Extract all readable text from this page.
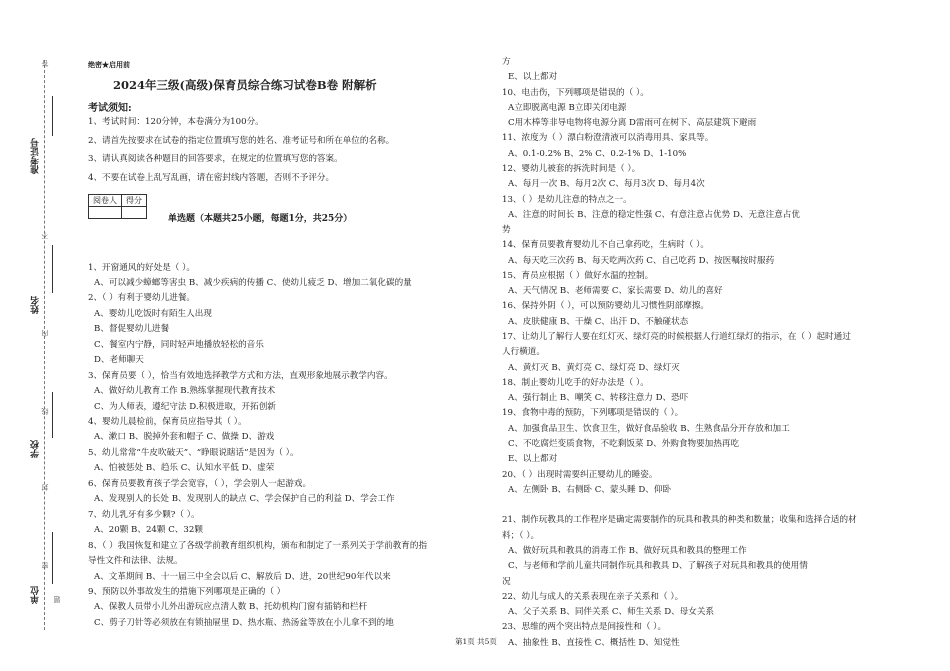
答
不
内
线
封
密
准考证号
姓名
学校
单位 题
绝密★启用前
2024年三级(高级)保育员综合练习试卷B卷 附解析
考试须知:
1、考试时间：120分钟，本卷满分为100分。
2、请首先按要求在试卷的指定位置填写您的姓名、准考证号和所在单位的名称。
3、请认真阅读各种题目的回答要求，在规定的位置填写您的答案。
4、不要在试卷上乱写乱画，请在密封线内答题，否则不予评分。
阅卷人	得分

单选题（本题共25小题，每题1分，共25分）
1、开窗通风的好处是（ ）。
A、可以减少蟑螂等害虫 B、减少疾病的传播 C、使幼儿疲乏 D、增加二氧化碳的量
2、（ ）有利于婴幼儿进餐。
A、婴幼儿吃饭时有陌生人出现
B、督促婴幼儿进餐
C、餐室内宁静，同时轻声地播放轻松的音乐
D、老师聊天
3、保育员要（ ），恰当有效地选择教学方式和方法，直观形象地展示教学内容。
A、做好幼儿教育工作 B.熟练掌握现代教育技术
C、为人师表，遵纪守法 D.积极进取，开拓创新
4、婴幼儿晨检前，保育员应指导其（ ）。
A、漱口 B、脱掉外套和帽子 C、做操 D、游戏
5、幼儿常常“牛皮吹破天”、“睁眼说瞎话”是因为（ ）。
A、怕被惩处 B、趋乐 C、认知水平低 D、虚荣
6、保育员要教育孩子学会宽容，（ ），学会别人一起游戏。
A、发现别人的长处 B、发现别人的缺点 C、学会保护自己的利益 D、学会工作
7、幼儿乳牙有多少颗?（ ）。
A、20颗 B、24颗 C、32颗
8、（ ）我国恢复和建立了各级学前教育组织机构，颁布和制定了一系列关于学前教育的指
导性文件和法律、法规。
A、文革期间 B、十一届三中全会以后 C、解放后 D、进，20世纪90年代以来
9、预防以外事故发生的措施下列哪项是正确的（ ）
A、保教人员带小儿外出游玩应点清人数 B、托幼机构门窗有插销和栏杆
C、剪子刀针等必须放在有锁抽屉里 D、热水瓶、热汤盆等放在小儿拿不到的地
方
E、以上都对
10、电击伤，下列哪项是错误的（ ）。
A立即脱离电源 B立即关闭电源
C用木棒等非导电物将电源分离 D雷雨可在树下、高层建筑下避雨
11、浓度为（ ）漂白粉澄清液可以消毒用具、家具等。
A、0.1-0.2% B、2% C、0.2-1% D、1-10%
12、婴幼儿被套的拆洗时间是（ ）。
A、每月一次 B、每月2次 C、每月3次 D、每月4次
13、（ ）是幼儿注意的特点之一。
A、注意的时间长 B、注意的稳定性强 C、有意注意占优势 D、无意注意占优
势
14、保育员要教育婴幼儿不自己拿药吃，生病时（ ）。
A、每天吃三次药 B、每天吃两次药 C、自己吃药 D、按医嘱按时服药
15、育员应根据（ ）做好水温的控制。
A、天气情况 B、老师需要 C、家长需要 D、幼儿的喜好
16、保持外阴（ ），可以预防婴幼儿习惯性阴部摩擦。
A、皮肤健康 B、干燥 C、出汗 D、不触碰状态
17、让幼儿了解行人要在红灯灭、绿灯亮的时候根据人行道红绿灯的指示，在（ ）起时通过
人行横道。
A、黄灯灭 B、黄灯亮 C、绿灯亮 D、绿灯灭
18、制止婴幼儿吃手的好办法是（ ）。
A、强行制止 B、嘲笑 C、转移注意力 D、恐吓
19、食物中毒的预防，下列哪项是错误的（ ）。
A、加强食品卫生、饮食卫生，做好食品验收 B、生熟食品分开存放和加工
C、不吃腐烂变质食物，不吃剩饭菜 D、外购食物要加热再吃
E、以上都对
20、（ ）出现时需要纠正婴幼儿的睡姿。
A、左侧卧 B、右侧卧 C、蒙头睡 D、仰卧
21、制作玩教具的工作程序是确定需要制作的玩具和教具的种类和数量；收集和选择合适的材
料；（ ）。
A、做好玩具和教具的消毒工作 B、做好玩具和教具的整理工作
C、与老师和学前儿童共同制作玩具和教具 D、了解孩子对玩具和教具的使用情
况
22、幼儿与成人的关系表现在亲子关系和（ ）。
A、父子关系 B、同伴关系 C、师生关系 D、母女关系
23、思维的两个突出特点是间接性和（ ）。
A、抽象性 B、直接性 C、概括性 D、知觉性
第1页 共5页
